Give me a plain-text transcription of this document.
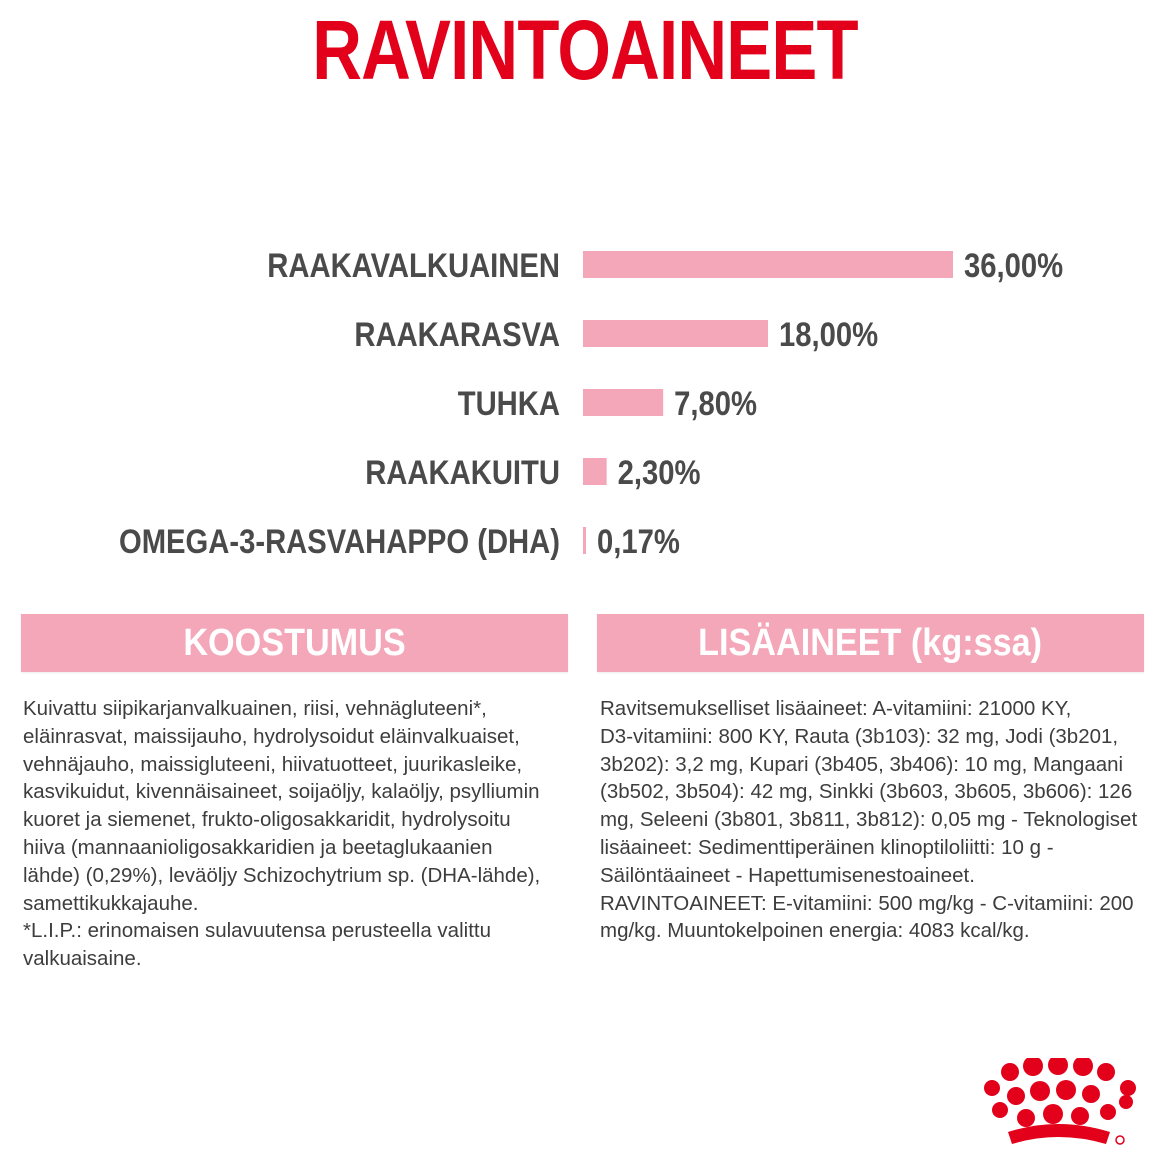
RAVINTOAINEET
RAAKAVALKUAINEN	36,00%
RAAKARASVA	18,00%
TUHKA	7,80%
RAAKAKUITU 2,30%
OMEGA-3-RASVAHAPPO (DHA) 0,17%
KOOSTUMUS	LISÄAINEET (kg:ssa)
Kuivattu siipikarjanvalkuainen, riisi, vehnägluteeni*,
eläinrasvat, maissijauho, hydrolysoidut eläinvalkuaiset,
vehnäjauho, maissigluteeni, hiivatuotteet, juurikasleike,
kasvikuidut, kivennäisaineet, soijaöljy, kalaöljy, psylliumin
kuoret ja siemenet, frukto-oligosakkaridit, hydrolysoitu
hiiva (mannaanioligosakkaridien ja beetaglukaanien
lähde) (0,29%), leväöljy Schizochytrium sp. (DHA-lähde),
samettikukkajauhe.
*L.I.P.: erinomaisen sulavuutensa perusteella valittu
valkuaisaine.
Ravitsemukselliset lisäaineet: A-vitamiini: 21000 KY,
D3-vitamiini: 800 KY, Rauta (3b103): 32 mg, Jodi (3b201,
3b202): 3,2 mg, Kupari (3b405, 3b406): 10 mg, Mangaani
(3b502, 3b504): 42 mg, Sinkki (3b603, 3b605, 3b606): 126
mg, Seleeni (3b801, 3b811, 3b812): 0,05 mg - Teknologiset
lisäaineet: Sedimenttiperäinen klinoptiloliitti: 10 g -
Säilöntäaineet - Hapettumisenestoaineet.
RAVINTOAINEET: E-vitamiini: 500 mg/kg - C-vitamiini: 200
mg/kg. Muuntokelpoinen energia: 4083 kcal/kg.
